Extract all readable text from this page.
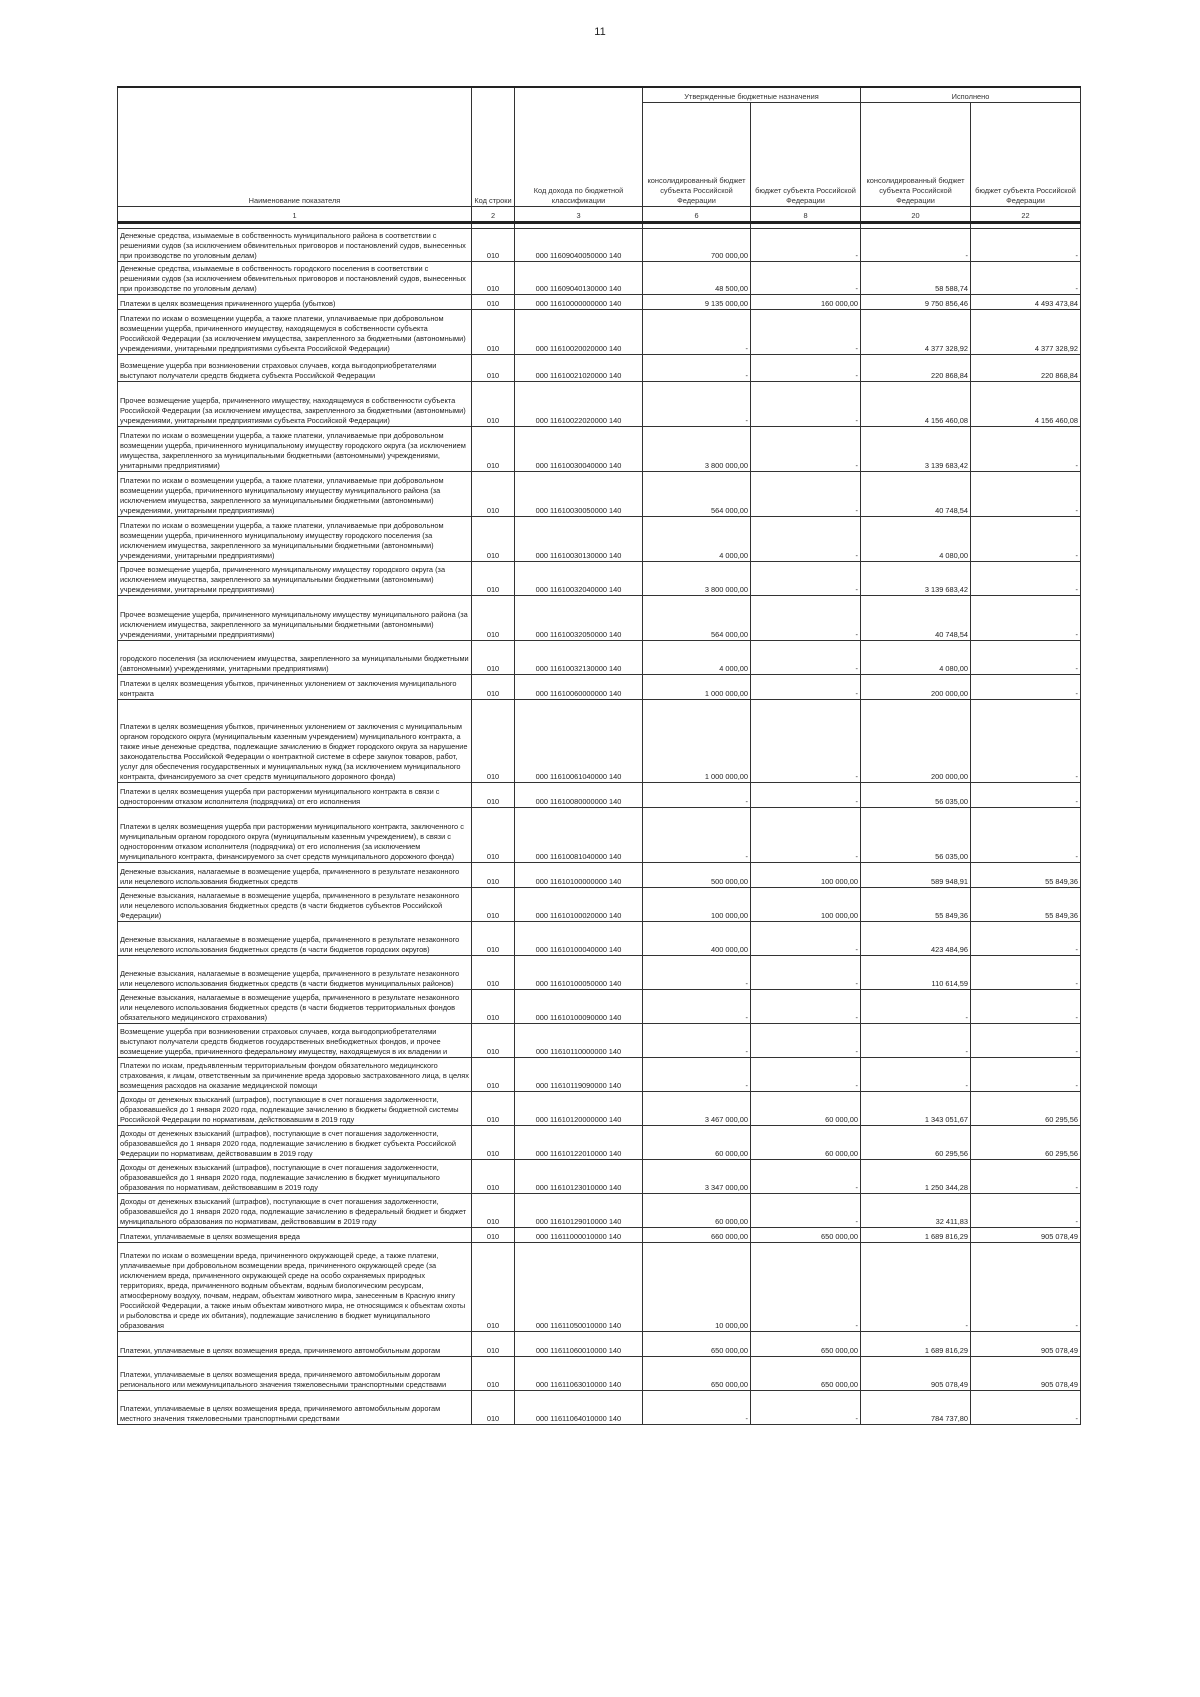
11
Наименование показателя	Код строки	Код дохода по бюджетной классификации	Утвержденные бюджетные назначения		Исполнено	
			консолидированный бюджет субъекта Российской Федерации	бюджет субъекта Российской Федерации	консолидированный бюджет субъекта Российской Федерации	бюджет субъекта Российской Федерации
1	2	3	6	8	20	22

Денежные средства, изымаемые в собственность муниципального района в соответствии с решениями судов (за исключением обвинительных приговоров и постановлений судов, вынесенных при производстве по уголовным делам)	010	000 11609040050000 140	700 000,00	-	-	-
Денежные средства, изымаемые в собственность городского поселения в соответствии с решениями судов (за исключением обвинительных приговоров и постановлений судов, вынесенных при производстве по уголовным делам)	010	000 11609040130000 140	48 500,00	-	58 588,74	-
Платежи в целях возмещения причиненного ущерба (убытков)	010	000 11610000000000 140	9 135 000,00	160 000,00	9 750 856,46	4 493 473,84
Платежи по искам о возмещении ущерба, а также платежи, уплачиваемые при добровольном возмещении ущерба, причиненного имуществу, находящемуся в собственности субъекта Российской Федерации (за исключением имущества, закрепленного за бюджетными (автономными) учреждениями, унитарными предприятиями субъекта Российской Федерации)	010	000 11610020020000 140	-	-	4 377 328,92	4 377 328,92
Возмещение ущерба при возникновении страховых случаев, когда выгодоприобретателями выступают получатели средств бюджета субъекта Российской Федерации	010	000 11610021020000 140	-	-	220 868,84	220 868,84
Прочее возмещение ущерба, причиненного имуществу, находящемуся в собственности субъекта Российской Федерации (за исключением имущества, закрепленного за бюджетными (автономными) учреждениями, унитарными предприятиями субъекта Российской Федерации)	010	000 11610022020000 140	-	-	4 156 460,08	4 156 460,08
Платежи по искам о возмещении ущерба, а также платежи, уплачиваемые при добровольном возмещении ущерба, причиненного муниципальному имуществу городского округа (за исключением имущества, закрепленного за муниципальными бюджетными (автономными) учреждениями, унитарными предприятиями)	010	000 11610030040000 140	3 800 000,00	-	3 139 683,42	-
Платежи по искам о возмещении ущерба, а также платежи, уплачиваемые при добровольном возмещении ущерба, причиненного муниципальному имуществу муниципального района (за исключением имущества, закрепленного за муниципальными бюджетными (автономными) учреждениями, унитарными предприятиями)	010	000 11610030050000 140	564 000,00	-	40 748,54	-
Платежи по искам о возмещении ущерба, а также платежи, уплачиваемые при добровольном возмещении ущерба, причиненного муниципальному имуществу городского поселения (за исключением имущества, закрепленного за муниципальными бюджетными (автономными) учреждениями, унитарными предприятиями)	010	000 11610030130000 140	4 000,00	-	4 080,00	-
Прочее возмещение ущерба, причиненного муниципальному имуществу городского округа (за исключением имущества, закрепленного за муниципальными бюджетными (автономными) учреждениями, унитарными предприятиями)	010	000 11610032040000 140	3 800 000,00	-	3 139 683,42	-
Прочее возмещение ущерба, причиненного муниципальному имуществу муниципального района (за исключением имущества, закрепленного за муниципальными бюджетными (автономными) учреждениями, унитарными предприятиями)	010	000 11610032050000 140	564 000,00	-	40 748,54	-
городского поселения (за исключением имущества, закрепленного за муниципальными бюджетными (автономными) учреждениями, унитарными предприятиями)	010	000 11610032130000 140	4 000,00	-	4 080,00	-
Платежи в целях возмещения убытков, причиненных уклонением от заключения муниципального контракта	010	000 11610060000000 140	1 000 000,00	-	200 000,00	-
Платежи в целях возмещения убытков, причиненных уклонением от заключения с муниципальным органом городского округа (муниципальным казенным учреждением) муниципального контракта, а также иные денежные средства, подлежащие зачислению в бюджет городского округа за нарушение законодательства Российской Федерации о контрактной системе в сфере закупок товаров, работ, услуг для обеспечения государственных и муниципальных нужд (за исключением муниципального контракта, финансируемого за счет средств муниципального дорожного фонда)	010	000 11610061040000 140	1 000 000,00	-	200 000,00	-
Платежи в целях возмещения ущерба при расторжении муниципального контракта в связи с односторонним отказом исполнителя (подрядчика) от его исполнения	010	000 11610080000000 140	-	-	56 035,00	-
Платежи в целях возмещения ущерба при расторжении муниципального контракта, заключенного с муниципальным органом городского округа (муниципальным казенным учреждением), в связи с односторонним отказом исполнителя (подрядчика) от его исполнения (за исключением муниципального контракта, финансируемого за счет средств муниципального дорожного фонда)	010	000 11610081040000 140	-	-	56 035,00	-
Денежные взыскания, налагаемые в возмещение ущерба, причиненного в результате незаконного или нецелевого использования бюджетных средств	010	000 11610100000000 140	500 000,00	100 000,00	589 948,91	55 849,36
Денежные взыскания, налагаемые в возмещение ущерба, причиненного в результате незаконного или нецелевого использования бюджетных средств (в части бюджетов субъектов Российской Федерации)	010	000 11610100020000 140	100 000,00	100 000,00	55 849,36	55 849,36
Денежные взыскания, налагаемые в возмещение ущерба, причиненного в результате незаконного или нецелевого использования бюджетных средств (в части бюджетов городских округов)	010	000 11610100040000 140	400 000,00	-	423 484,96	-
Денежные взыскания, налагаемые в возмещение ущерба, причиненного в результате незаконного или нецелевого использования бюджетных средств (в части бюджетов муниципальных районов)	010	000 11610100050000 140	-	-	110 614,59	-
Денежные взыскания, налагаемые в возмещение ущерба, причиненного в результате незаконного или нецелевого использования бюджетных средств (в части бюджетов территориальных фондов обязательного медицинского страхования)	010	000 11610100090000 140	-	-	-	-
Возмещение ущерба при возникновении страховых случаев, когда выгодоприобретателями выступают получатели средств бюджетов государственных внебюджетных фондов, и прочее возмещение ущерба, причиненного федеральному имуществу, находящемуся в их владении и	010	000 11610110000000 140	-	-	-	-
Платежи по искам, предъявленным территориальным фондом обязательного медицинского страхования, к лицам, ответственным за причинение вреда здоровью застрахованного лица, в целях возмещения расходов на оказание медицинской помощи	010	000 11610119090000 140	-	-	-	-
Доходы от денежных взысканий (штрафов), поступающие в счет погашения задолженности, образовавшейся до 1 января 2020 года, подлежащие зачислению в бюджеты бюджетной системы Российской Федерации по нормативам, действовавшим в 2019 году	010	000 11610120000000 140	3 467 000,00	60 000,00	1 343 051,67	60 295,56
Доходы от денежных взысканий (штрафов), поступающие в счет погашения задолженности, образовавшейся до 1 января 2020 года, подлежащие зачислению в бюджет субъекта Российской Федерации по нормативам, действовавшим в 2019 году	010	000 11610122010000 140	60 000,00	60 000,00	60 295,56	60 295,56
Доходы от денежных взысканий (штрафов), поступающие в счет погашения задолженности, образовавшейся до 1 января 2020 года, подлежащие зачислению в бюджет муниципального образования по нормативам, действовавшим в 2019 году	010	000 11610123010000 140	3 347 000,00	-	1 250 344,28	-
Доходы от денежных взысканий (штрафов), поступающие в счет погашения задолженности, образовавшейся до 1 января 2020 года, подлежащие зачислению в федеральный бюджет и бюджет муниципального образования по нормативам, действовавшим в 2019 году	010	000 11610129010000 140	60 000,00	-	32 411,83	-
Платежи, уплачиваемые в целях возмещения вреда	010	000 11611000010000 140	660 000,00	650 000,00	1 689 816,29	905 078,49
Платежи по искам о возмещении вреда, причиненного окружающей среде, а также платежи, уплачиваемые при добровольном возмещении вреда, причиненного окружающей среде (за исключением вреда, причиненного окружающей среде на особо охраняемых природных территориях, вреда, причиненного водным объектам, водным биологическим ресурсам, атмосферному воздуху, почвам, недрам, объектам животного мира, занесенным в Красную книгу Российской Федерации, а также иным объектам животного мира, не относящимся к объектам охоты и рыболовства и среде их обитания), подлежащие зачислению в бюджет муниципального образования	010	000 11611050010000 140	10 000,00	-	-	-
Платежи, уплачиваемые в целях возмещения вреда, причиняемого автомобильным дорогам	010	000 11611060010000 140	650 000,00	650 000,00	1 689 816,29	905 078,49
Платежи, уплачиваемые в целях возмещения вреда, причиняемого автомобильным дорогам регионального или межмуниципального значения тяжеловесными транспортными средствами	010	000 11611063010000 140	650 000,00	650 000,00	905 078,49	905 078,49
Платежи, уплачиваемые в целях возмещения вреда, причиняемого автомобильным дорогам местного значения тяжеловесными транспортными средствами	010	000 11611064010000 140	-	-	784 737,80	-
